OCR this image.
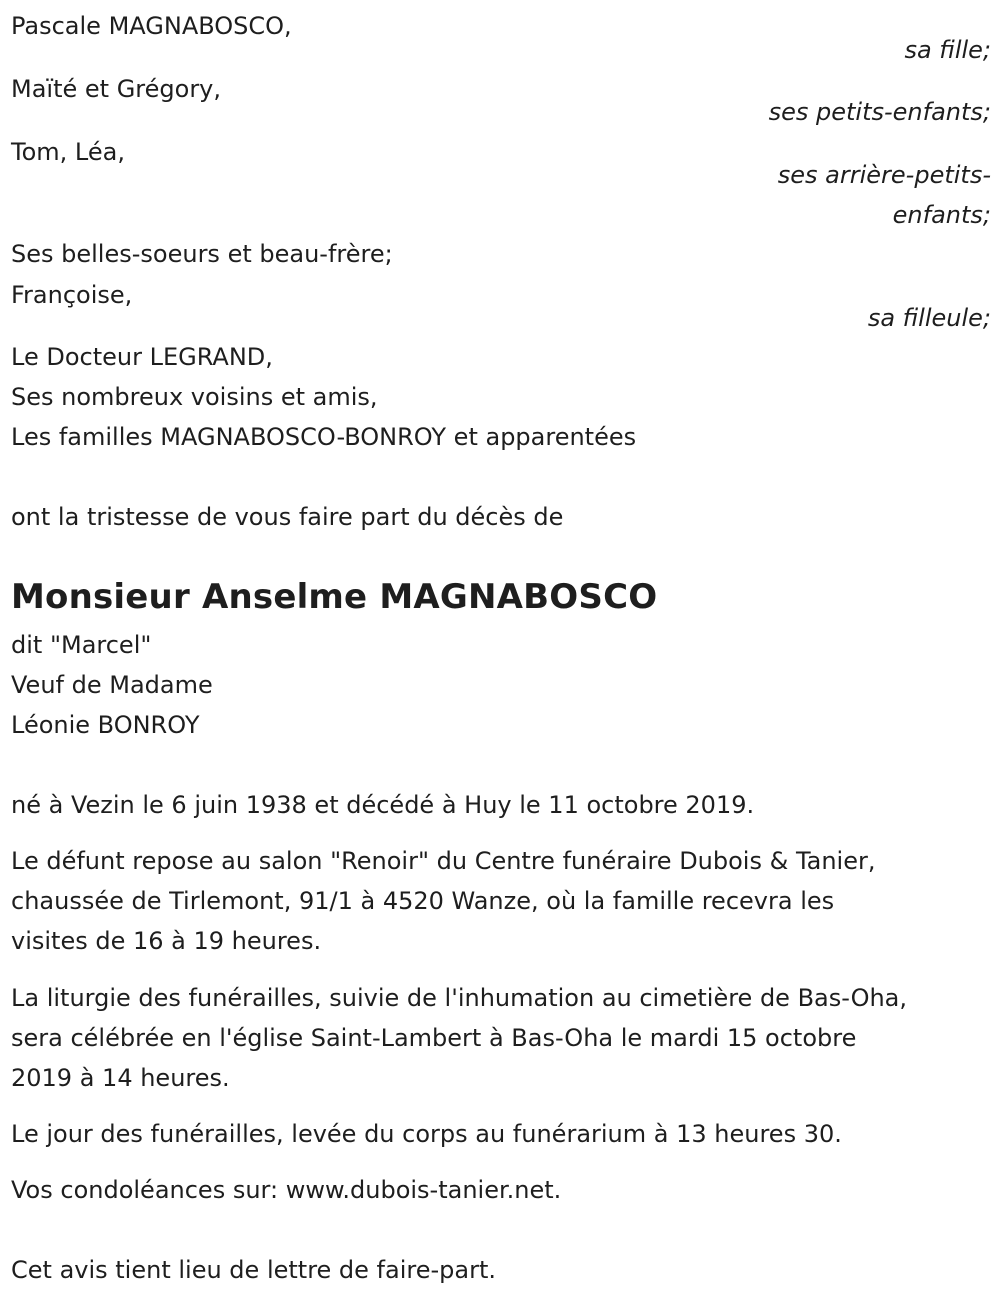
Pascale MAGNABOSCO,
sa fille;
Maïté et Grégory,
ses petits-enfants;
Tom, Léa,
ses arrière-petits-
enfants;
Ses belles-soeurs et beau-frère;
Françoise,
sa filleule;
Le Docteur LEGRAND,
Ses nombreux voisins et amis,
Les familles MAGNABOSCO-BONROY et apparentées
ont la tristesse de vous faire part du décès de
Monsieur Anselme MAGNABOSCO
dit "Marcel"
Veuf de Madame
Léonie BONROY
né à Vezin le 6 juin 1938 et décédé à Huy le 11 octobre 2019.
Le défunt repose au salon "Renoir" du Centre funéraire Dubois & Tanier,
chaussée de Tirlemont, 91/1 à 4520 Wanze, où la famille recevra les
visites de 16 à 19 heures.
La liturgie des funérailles, suivie de l'inhumation au cimetière de Bas-Oha,
sera célébrée en l'église Saint-Lambert à Bas-Oha le mardi 15 octobre
2019 à 14 heures.
Le jour des funérailles, levée du corps au funérarium à 13 heures 30.
Vos condoléances sur: www.dubois-tanier.net.
Cet avis tient lieu de lettre de faire-part.
